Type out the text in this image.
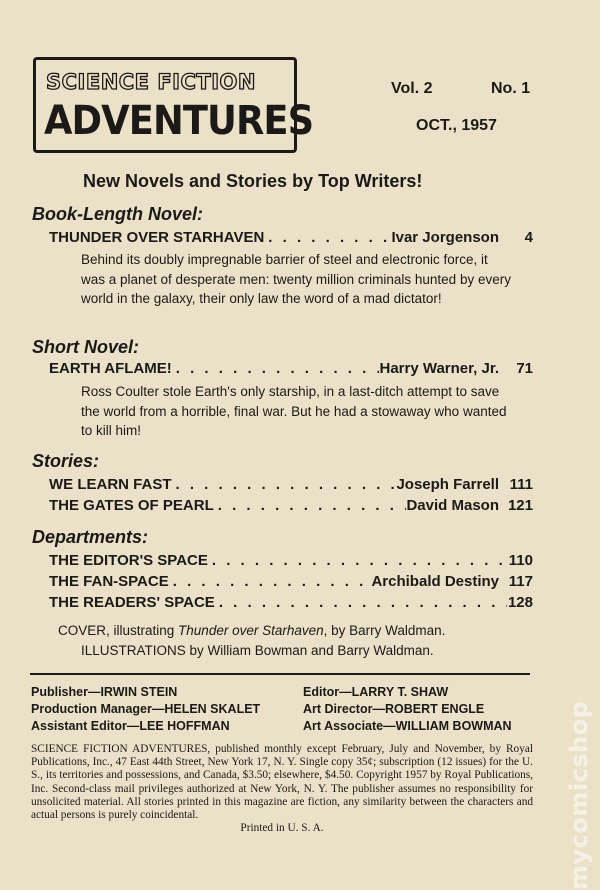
SCIENCE FICTION
ADVENTURES
Vol. 2	No. 1
OCT., 1957
New Novels and Stories by Top Writers!
Book-Length Novel:
THUNDER OVER STARHAVEN . . .	Ivar Jorgenson	4
Behind its doubly impregnable barrier of steel and electronic force, it was a planet of desperate men: twenty million criminals hunted by every world in the galaxy, their only law the word of a mad dictator!
Short Novel:
EARTH AFLAME! . . .	Harry Warner, Jr.	71
Ross Coulter stole Earth's only starship, in a last-ditch attempt to save the world from a horrible, final war. But he had a stowaway who wanted to kill him!
Stories:
WE LEARN FAST . . .	Joseph Farrell 111
THE GATES OF PEARL . . .	David Mason 121
Departments:
THE EDITOR'S SPACE . . .	110
THE FAN-SPACE . . .	Archibald Destiny 117
THE READERS' SPACE . . .	128
COVER, illustrating Thunder over Starhaven, by Barry Waldman.
ILLUSTRATIONS by William Bowman and Barry Waldman.
Publisher—IRWIN STEIN
Production Manager—HELEN SKALET
Assistant Editor—LEE HOFFMAN
Editor—LARRY T. SHAW
Art Director—ROBERT ENGLE
Art Associate—WILLIAM BOWMAN
SCIENCE FICTION ADVENTURES, published monthly except February, July and November, by Royal Publications, Inc., 47 East 44th Street, New York 17, N. Y. Single copy 35¢; subscription (12 issues) for the U. S., its territories and possessions, and Canada, $3.50; elsewhere, $4.50. Copyright 1957 by Royal Publications, Inc. Second-class mail privileges authorized at New York, N. Y. The publisher assumes no responsibility for unsolicited material. All stories printed in this magazine are fiction, any similarity between the characters and actual persons is purely coincidental.
Printed in U. S. A.	mycomicshop
